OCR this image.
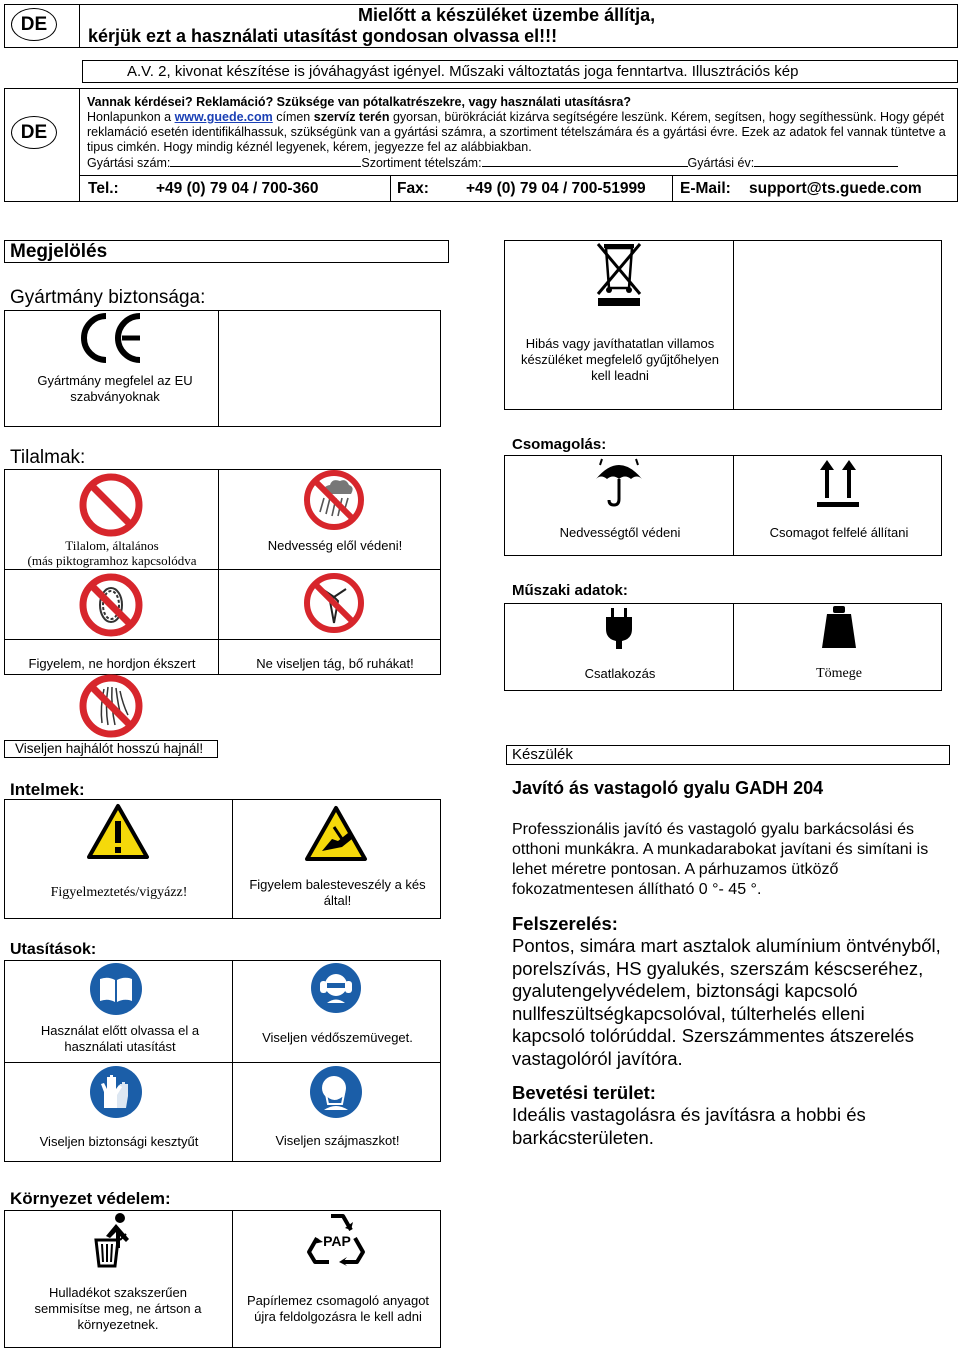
DE	Mielőtt a készüléket üzembe állítja,
kérjük ezt a használati utasítást gondosan olvassa el!!!
A.V. 2, kivonat készítése is jóváhagyást igényel. Műszaki változtatás joga fenntartva. Illusztrációs kép
DE
Vannak kérdései? Reklamáció? Szüksége van pótalkatrészekre, vagy használati utasításra?
Honlapunkon a www.guede.com címen szervíz terén gyorsan, bürökráciát kizárva segítségére leszünk. Kérem, segítsen, hogy segíthessünk. Hogy gépét reklamáció esetén identifikálhassuk, szükségünk van a gyártási számra, a szortiment tételszámára és a gyártási évre. Ezek az adatok fel vannak tüntetve a tipus cimkén. Hogy mindig kéznél legyenek, kérem, jegyezze fel az alábbiakban.
Gyártási szám:	Szortiment tételszám:	Gyártási év:
Tel.: +49 (0) 79 04 / 700-360	Fax: +49 (0) 79 04 / 700-51999 E-Mail: support@ts.guede.com
Megjelölés
Gyártmány biztonsága:
Gyártmány megfelel az EU szabványoknak
Tilalmak:
Tilalom, általános
(más piktogramhoz kapcsolódva
Nedvesség elől védeni!
Figyelem, ne hordjon ékszert	Ne viseljen tág, bő ruhákat!
Viseljen hajhálót hosszú hajnál!
Intelmek:
Figyelmeztetés/vigyázz!
Figyelem balesteveszély a kés által!
Utasítások:
Használat előtt olvassa el a használati utasítást
Viseljen védőszemüveget.
Viseljen biztonsági kesztyűt	Viseljen szájmaszkot!
Környezet védelem:
Hulladékot szakszerűen semmisítse meg, ne ártson a környezetnek.
PAP
Papírlemez csomagoló anyagot újra feldolgozásra le kell adni
Hibás vagy javíthatatlan villamos készüléket megfelelő gyűjtőhelyen kell leadni
Csomagolás:
Nedvességtől védeni	Csomagot felfelé állítani
Műszaki adatok:
Csatlakozás	Tömege
Készülék
Javító ás vastagoló gyalu GADH 204
Professzionális javító és vastagoló gyalu barkácsolási és otthoni munkákra. A munkadarabokat javítani és simítani is lehet méretre pontosan. A párhuzamos ütköző fokozatmentesen állítható 0 °- 45 °.
Felszerelés:
Pontos, simára mart asztalok alumínium öntvényből, porelszívás, HS gyalukés, szerszám késcseréhez, gyalutengelyvédelem, biztonsági kapcsoló nullfeszültségkapcsolóval, túlterhelés elleni kapcsoló tolórúddal. Szerszámmentes átszerelés vastagolóról javítóra.
Bevetési terület:
Ideális vastagolásra és javításra a hobbi és barkácsterületen.
